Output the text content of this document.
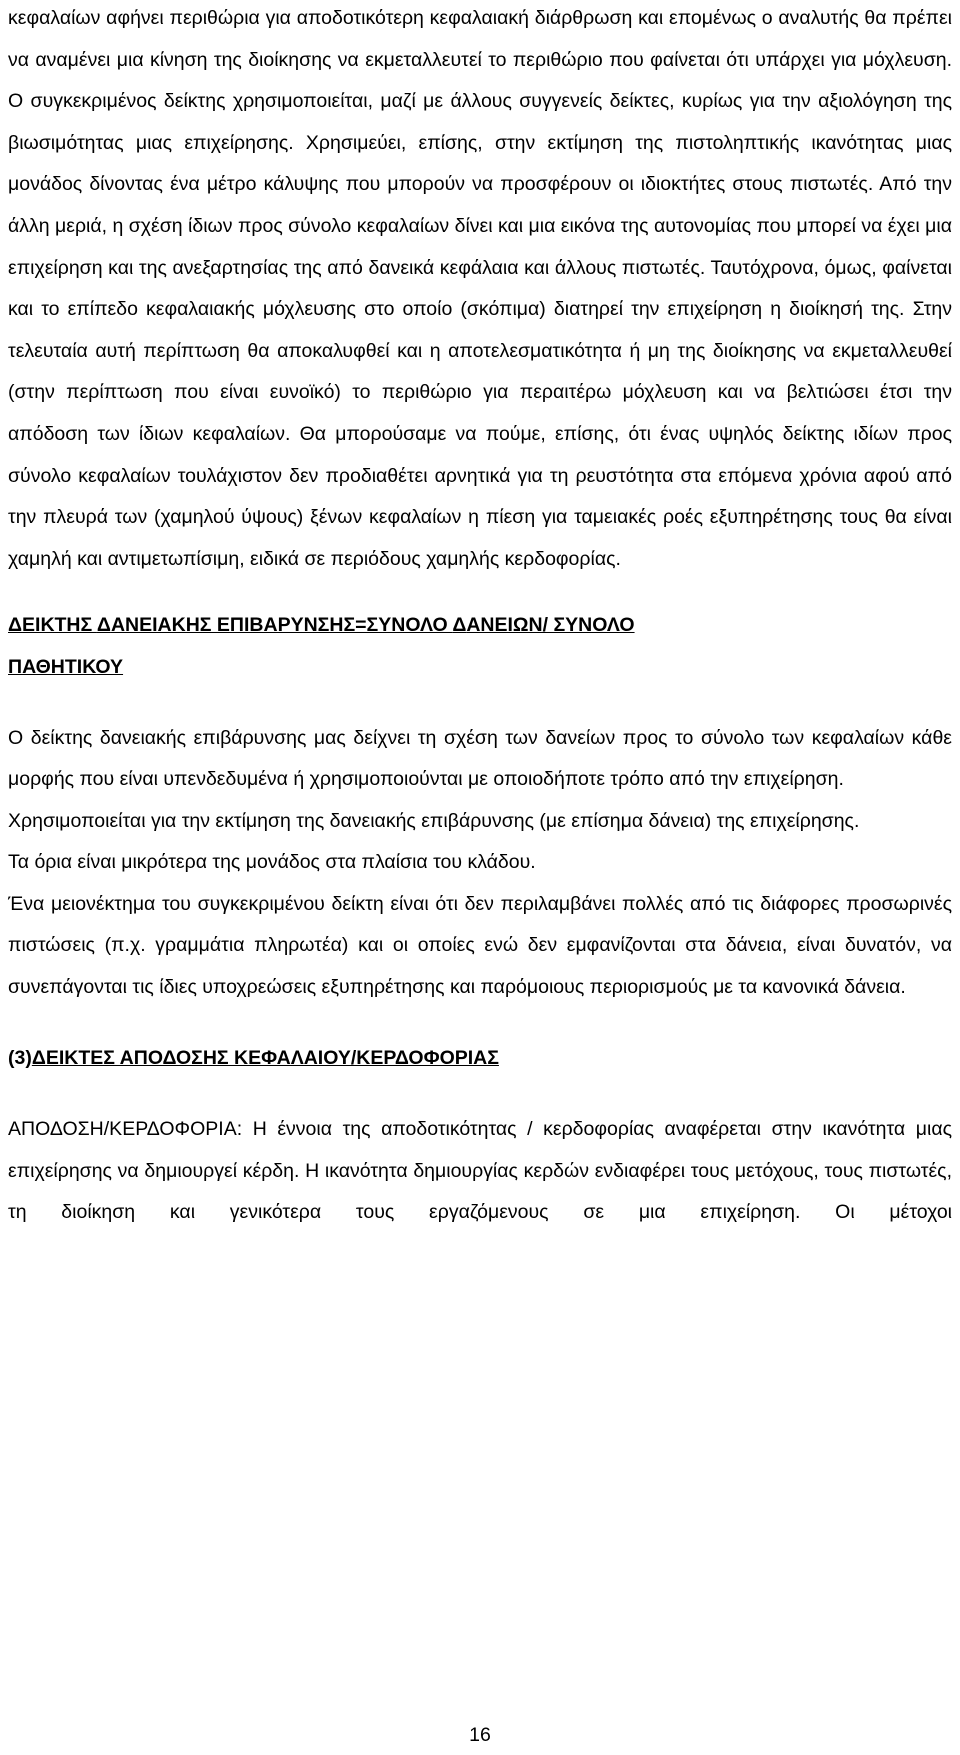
κεφαλαίων αφήνει περιθώρια για αποδοτικότερη κεφαλαιακή διάρθρωση και επομένως ο αναλυτής θα πρέπει να αναμένει μια κίνηση της διοίκησης να εκμεταλλευτεί το περιθώριο που φαίνεται ότι υπάρχει για μόχλευση. Ο συγκεκριμένος δείκτης χρησιμοποιείται, μαζί με άλλους συγγενείς δείκτες, κυρίως για την αξιολόγηση της βιωσιμότητας μιας επιχείρησης. Χρησιμεύει, επίσης, στην εκτίμηση της πιστοληπτικής ικανότητας μιας μονάδος δίνοντας ένα μέτρο κάλυψης που μπορούν να προσφέρουν οι ιδιοκτήτες στους πιστωτές. Από την άλλη μεριά, η σχέση ίδιων προς σύνολο κεφαλαίων δίνει και μια εικόνα της αυτονομίας που μπορεί να έχει μια επιχείρηση και της ανεξαρτησίας της από δανεικά κεφάλαια και άλλους πιστωτές. Ταυτόχρονα, όμως, φαίνεται και το επίπεδο κεφαλαιακής μόχλευσης στο οποίο (σκόπιμα) διατηρεί την επιχείρηση η διοίκησή της. Στην τελευταία αυτή περίπτωση θα αποκαλυφθεί και η αποτελεσματικότητα ή μη της διοίκησης να εκμεταλλευθεί (στην περίπτωση που είναι ευνοϊκό) το περιθώριο για περαιτέρω μόχλευση και να βελτιώσει έτσι την απόδοση των ίδιων κεφαλαίων. Θα μπορούσαμε να πούμε, επίσης, ότι ένας υψηλός δείκτης ιδίων προς σύνολο κεφαλαίων τουλάχιστον δεν προδιαθέτει αρνητικά για τη ρευστότητα στα επόμενα χρόνια αφού από την πλευρά των (χαμηλού ύψους) ξένων κεφαλαίων η πίεση για ταμειακές ροές εξυπηρέτησης τους θα είναι χαμηλή και αντιμετωπίσιμη, ειδικά σε περιόδους χαμηλής κερδοφορίας.

ΔΕΙΚΤΗΣ ΔΑΝΕΙΑΚΗΣ ΕΠΙΒΑΡΥΝΣΗΣ=ΣΥΝΟΛΟ ΔΑΝΕΙΩΝ/ ΣΥΝΟΛΟ
ΠΑΘΗΤΙΚΟΥ

Ο δείκτης δανειακής επιβάρυνσης μας δείχνει τη σχέση των δανείων προς το σύνολο των κεφαλαίων κάθε μορφής που είναι υπενδεδυμένα ή χρησιμοποιούνται με οποιοδήποτε τρόπο από την επιχείρηση.

Χρησιμοποιείται για την εκτίμηση της δανειακής επιβάρυνσης (με επίσημα δάνεια) της επιχείρησης.

Τα όρια είναι μικρότερα της μονάδος στα πλαίσια του κλάδου.

Ένα μειονέκτημα του συγκεκριμένου δείκτη είναι ότι δεν περιλαμβάνει πολλές από τις διάφορες προσωρινές πιστώσεις (π.χ. γραμμάτια πληρωτέα) και οι οποίες ενώ δεν εμφανίζονται στα δάνεια, είναι δυνατόν, να συνεπάγονται τις ίδιες υποχρεώσεις εξυπηρέτησης και παρόμοιους περιορισμούς με τα κανονικά δάνεια.

(3)ΔΕΙΚΤΕΣ ΑΠΟΔΟΣΗΣ ΚΕΦΑΛΑΙΟΥ/ΚΕΡΔΟΦΟΡΙΑΣ

ΑΠΟΔΟΣΗ/ΚΕΡΔΟΦΟΡΙΑ: Η έννοια της αποδοτικότητας / κερδοφορίας αναφέρεται στην ικανότητα μιας επιχείρησης να δημιουργεί κέρδη. Η ικανότητα δημιουργίας κερδών ενδιαφέρει τους μετόχους, τους πιστωτές, τη διοίκηση και γενικότερα τους εργαζόμενους σε μια επιχείρηση. Οι μέτοχοι

16
